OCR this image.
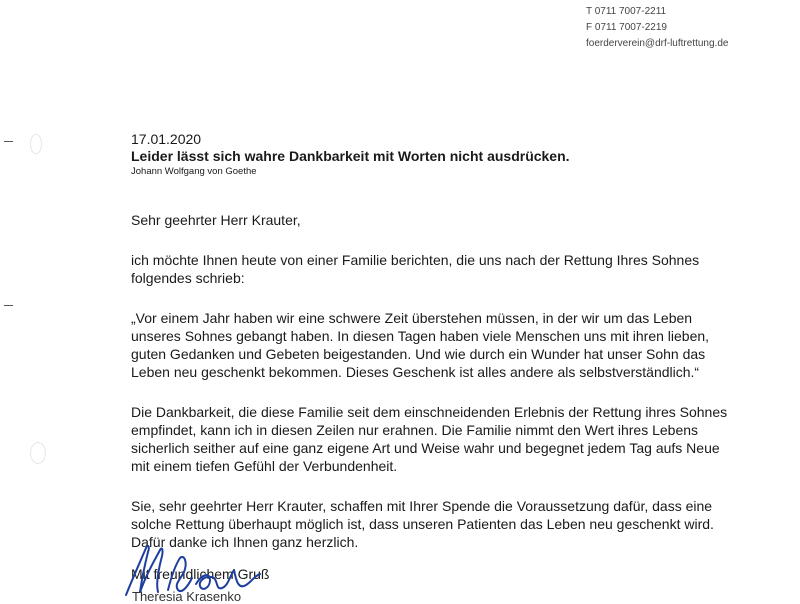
T 0711 7007-2211
F 0711 7007-2219
foerderverein@drf-luftrettung.de
17.01.2020
Leider lässt sich wahre Dankbarkeit mit Worten nicht ausdrücken.
Johann Wolfgang von Goethe

Sehr geehrter Herr Krauter,

ich möchte Ihnen heute von einer Familie berichten, die uns nach der Rettung Ihres Sohnes folgendes schrieb:

„Vor einem Jahr haben wir eine schwere Zeit überstehen müssen, in der wir um das Leben unseres Sohnes gebangt haben. In diesen Tagen haben viele Menschen uns mit ihren lieben, guten Gedanken und Gebeten beigestanden. Und wie durch ein Wunder hat unser Sohn das Leben neu geschenkt bekommen. Dieses Geschenk ist alles andere als selbstverständlich.“

Die Dankbarkeit, die diese Familie seit dem einschneidenden Erlebnis der Rettung ihres Sohnes empfindet, kann ich in diesen Zeilen nur erahnen. Die Familie nimmt den Wert ihres Lebens sicherlich seither auf eine ganz eigene Art und Weise wahr und begegnet jedem Tag aufs Neue mit einem tiefen Gefühl der Verbundenheit.

Sie, sehr geehrter Herr Krauter, schaffen mit Ihrer Spende die Voraussetzung dafür, dass eine solche Rettung überhaupt möglich ist, dass unseren Patienten das Leben neu geschenkt wird. Dafür danke ich Ihnen ganz herzlich.

Mit freundlichem Gruß
Theresia Krasenko
